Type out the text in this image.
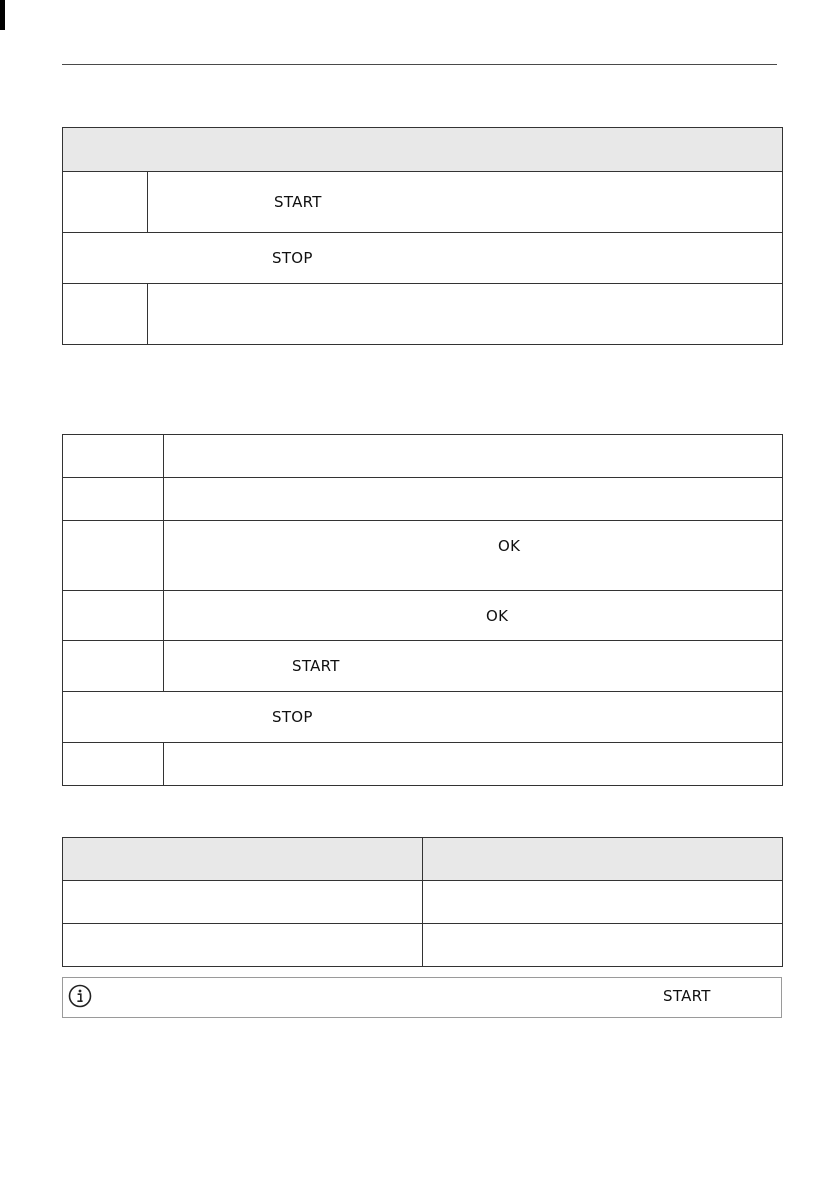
	START
STOP	

	OK
	OK
	START
STOP	

START
